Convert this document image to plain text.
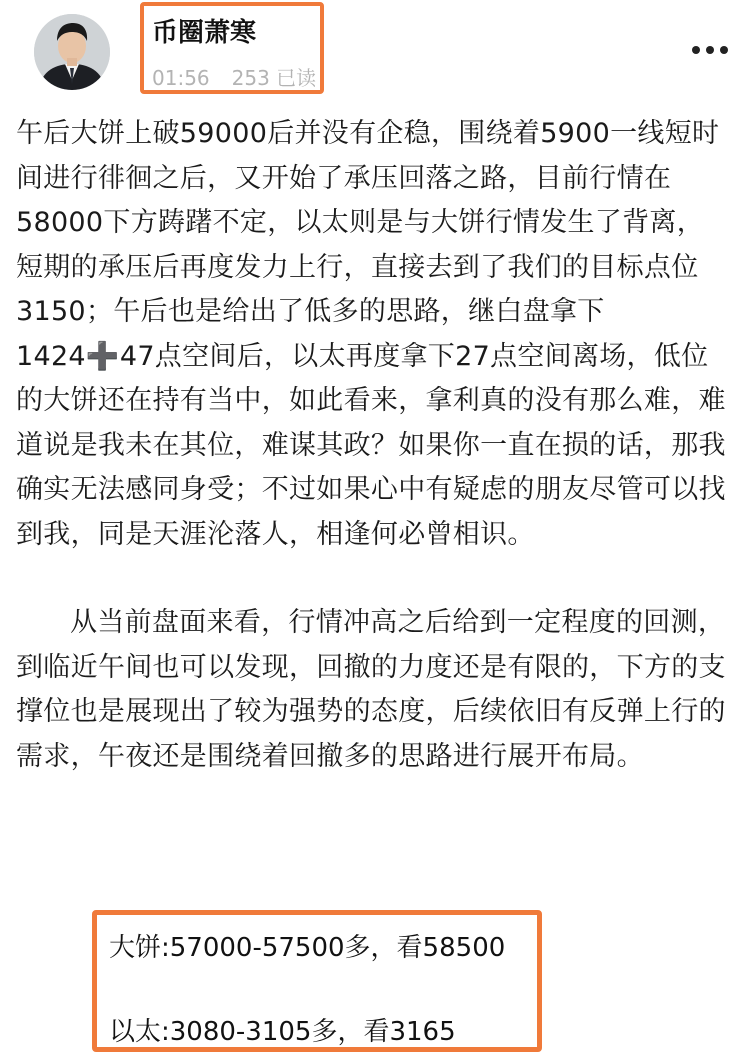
币圈萧寒
01:56 253 已读

午后大饼上破59000后并没有企稳，围绕着5900一线短时间进行徘徊之后，又开始了承压回落之路，目前行情在58000下方踌躇不定，以太则是与大饼行情发生了背离，短期的承压后再度发力上行，直接去到了我们的目标点位3150；午后也是给出了低多的思路，继白盘拿下1424➕47点空间后，以太再度拿下27点空间离场，低位的大饼还在持有当中，如此看来，拿利真的没有那么难，难道说是我未在其位，难谋其政？如果你一直在损的话，那我确实无法感同身受；不过如果心中有疑虑的朋友尽管可以找到我，同是天涯沦落人，相逢何必曾相识。

从当前盘面来看，行情冲高之后给到一定程度的回测，到临近午间也可以发现，回撤的力度还是有限的，下方的支撑位也是展现出了较为强势的态度，后续依旧有反弹上行的需求，午夜还是围绕着回撤多的思路进行展开布局。

大饼:57000-57500多，看58500
以太:3080-3105多，看3165
